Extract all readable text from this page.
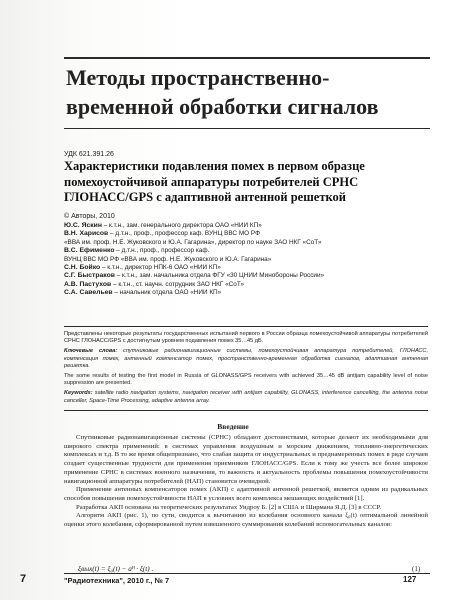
Методы пространственно-временной обработки сигналов
УДК 621.391.26
Характеристики подавления помех в первом образце помехоустойчивой аппаратуры потребителей СРНС ГЛОНАСС/GPS с адаптивной антенной решеткой
© Авторы, 2010
Ю.С. Яскин – к.т.н., зам. генерального директора ОАО «НИИ КП»
В.Н. Харисов – д.т.н., проф., профессор каф. ВУНЦ ВВС МО РФ
«ВВА им. проф. Н.Е. Жуковского и Ю.А. Гагарина», директор по науке ЗАО НКГ «СоТ»
В.С. Ефименко – д.т.н., проф., профессор каф.
ВУНЦ ВВС МО РФ «ВВА им. проф. Н.Е. Жуковского и Ю.А. Гагарина»
С.Н. Бойко – к.т.н., директор НПК-6 ОАО «НИИ КП»
С.Г. Быстраков – к.т.н., зам. начальника отдела ФГУ «30 ЦНИИ Минобороны России»
А.В. Пастухов – к.т.н., ст. научн. сотрудник ЗАО НКГ «СоТ»
С.А. Савельев – начальник отдела ОАО «НИИ КП»

Представлены некоторые результаты государственных испытаний первого в России образца помехоустойчивой аппаратуры потребителей СРНС ГЛОНАСС/GPS с достигнутым уровнем подавления помех 35…45 дБ.

Ключевые слова: спутниковые радионавигационные системы, помехоустойчивая аппаратура потребителей, ГЛОНАСС, компенсация помех, антенный компенсатор помех, пространственно-временная обработка сигналов, адаптивная антенная решетка.

The some results of testing the first model in Russia of GLONASS/GPS receivers with achieved 35…45 dB antijam capability level of noise suppression are presented.

Keywords: satellite radio navigation systems, navigation receiver with antijam capability, GLONASS, interference cancelling, the antenna noise canceller, Space-Time Processing, adaptive antenna array.

Введение

Спутниковые радионавигационные системы (СРНС) обладают достоинствами, которые делают их необходимыми для широкого спектра применений: в системах управления воздушным и морским движением, топливно-энергетических комплексах и т.д. В то же время общепризнано, что слабая защита от индустриальных и преднамеренных помех в ряде случаев создает существенные трудности для применения приемников ГЛОНАСС/GPS. Если к тому же учесть все более широкое применение СРНС в системах военного назначения, то важность и актуальность проблемы повышения помехоустойчивости навигационной аппаратуры потребителей (НАП) становится очевидной.

Применение антенных компенсаторов помех (АКП) с адаптивной антенной решеткой, является одним из радикальных способов повышения помехоустойчивости НАП в условиях всего комплекса мешающих воздействий [1].

Разработка АКП основана на теоретических результатах Уидроу Б. [2] в США и Ширмана Я.Д. [3] в СССР.

Алгоритм АКП (рис. 1), по сути, сводится к вычитанию из колебания основного канала ξ₀(t) оптимальной линейной оценки этого колебания, сформированной путем взвешенного суммирования колебаний вспомогательных каналов:

ξвых(t) = ξ₀(t) − aᴴ · ξ(t) .	(1)
7	"Радиотехника", 2010 г., № 7	127
